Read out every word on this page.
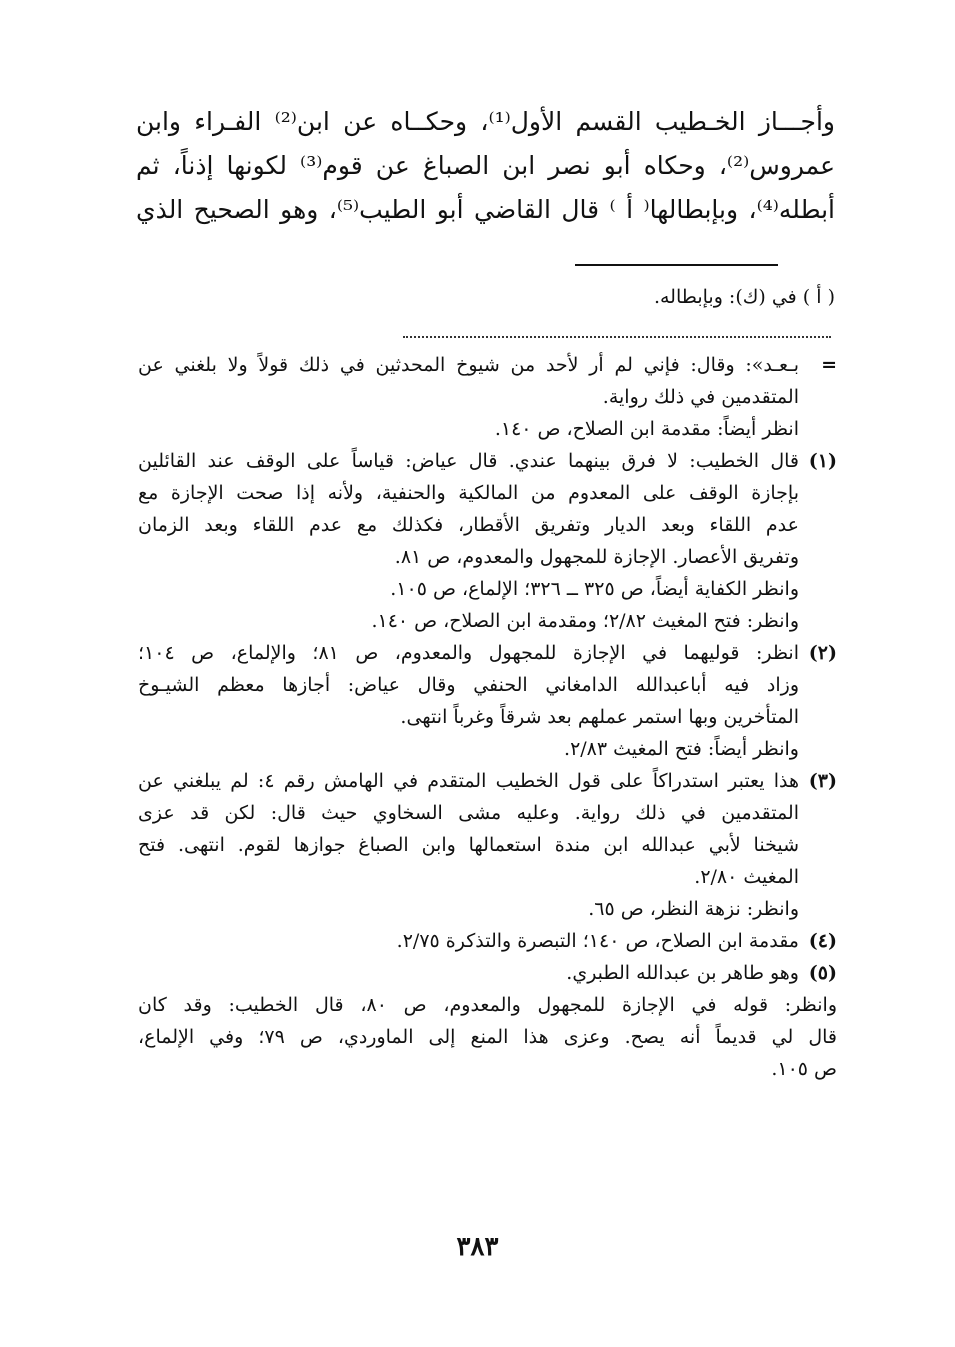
وأجـــاز الخـطيب القسم الأول⁽¹⁾، وحكــاه عن ابن⁽²⁾ الفـراء وابن

عمروس⁽²⁾، وحكاه أبو نصر ابن الصباغ عن قوم⁽³⁾ لكونها إذناً، ثم

أبطله⁽⁴⁾، وبإبطالها⁽ أ ⁾ قال القاضي أبو الطيب⁽⁵⁾، وهو الصحيح الذي

( أ ) في (ك): وبإبطاله.
=
بـعـد»: وقال: فإني لم أر لأحد من شيوخ المحدثين في ذلك قولاً ولا بلغني عن
المتقدمين في ذلك رواية.
انظر أيضاً: مقدمة ابن الصلاح، ص ١٤٠.
(١)
قال الخطيب: لا فرق بينهما عندي. قال عياض: قياساً على الوقف عند القائلين
بإجازة الوقف على المعدوم من المالكية والحنفية، ولأنه إذا صحت الإجازة مع
عدم اللقاء وبعد الديار وتفريق الأقطار، فكذلك مع عدم اللقاء وبعد الزمان
وتفريق الأعصار. الإجازة للمجهول والمعدوم، ص ٨١.
وانظر الكفاية أيضاً، ص ٣٢٥ ــ ٣٢٦؛ الإلماع، ص ١٠٥.
وانظر: فتح المغيث ٢/٨٢؛ ومقدمة ابن الصلاح، ص ١٤٠.
(٢)
انظر: قوليهما في الإجازة للمجهول والمعدوم، ص ٨١؛ والإلماع، ص ١٠٤؛
وزاد فيه أباعبدالله الدامغاني الحنفي وقال عياض: أجازها معظم الشيـوخ
المتأخرين وبها استمر عملهم بعد شرقاً وغرباً انتهى.
وانظر أيضاً: فتح المغيث ٢/٨٣.
(٣)
هذا يعتبر استدراكاً على قول الخطيب المتقدم في الهامش رقم ٤: لم يبلغني عن
المتقدمين في ذلك رواية. وعليه مشى السخاوي حيث قال: لكن قد عزى
شيخنا لأبي عبدالله ابن مندة استعمالها وابن الصباغ جوازها لقوم. انتهى. فتح
المغيث ٢/٨٠.
وانظر: نزهة النظر، ص ٦٥.
(٤)
مقدمة ابن الصلاح، ص ١٤٠؛ التبصرة والتذكرة ٢/٧٥.
(٥)
وهو طاهر بن عبدالله الطبري.
وانظر: قوله في الإجازة للمجهول والمعدوم، ص ٨٠، قال الخطيب: وقد كان
قال لي قديماً أنه يصح. وعزى هذا المنع إلى الماوردي، ص ٧٩؛ وفي الإلماع،
ص ١٠٥.
٣٨٣
